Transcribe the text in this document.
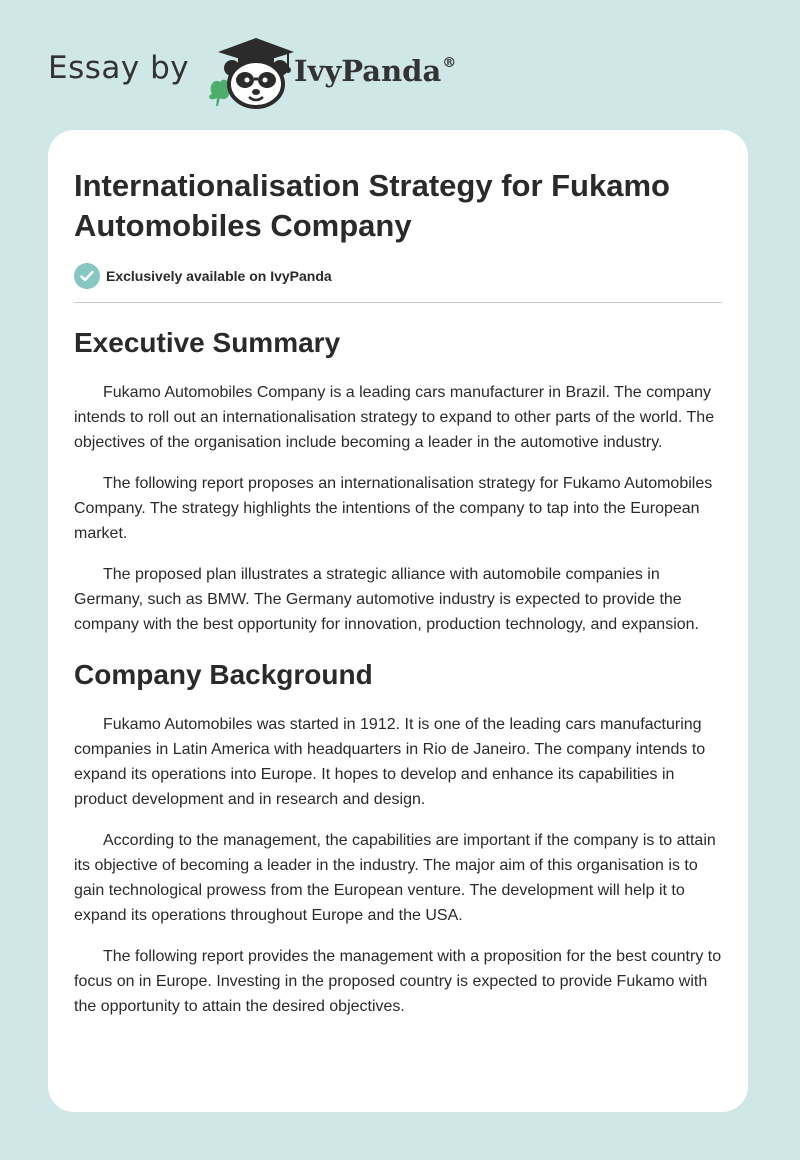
Essay by	IvyPanda®
Internationalisation Strategy for Fukamo Automobiles Company
Exclusively available on IvyPanda
Executive Summary

Fukamo Automobiles Company is a leading cars manufacturer in Brazil. The company intends to roll out an internationalisation strategy to expand to other parts of the world. The objectives of the organisation include becoming a leader in the automotive industry.

The following report proposes an internationalisation strategy for Fukamo Automobiles Company. The strategy highlights the intentions of the company to tap into the European market.

The proposed plan illustrates a strategic alliance with automobile companies in Germany, such as BMW. The Germany automotive industry is expected to provide the company with the best opportunity for innovation, production technology, and expansion.

Company Background

Fukamo Automobiles was started in 1912. It is one of the leading cars manufacturing companies in Latin America with headquarters in Rio de Janeiro. The company intends to expand its operations into Europe. It hopes to develop and enhance its capabilities in product development and in research and design.

According to the management, the capabilities are important if the company is to attain its objective of becoming a leader in the industry. The major aim of this organisation is to gain technological prowess from the European venture. The development will help it to expand its operations throughout Europe and the USA.

The following report provides the management with a proposition for the best country to focus on in Europe. Investing in the proposed country is expected to provide Fukamo with the opportunity to attain the desired objectives.
